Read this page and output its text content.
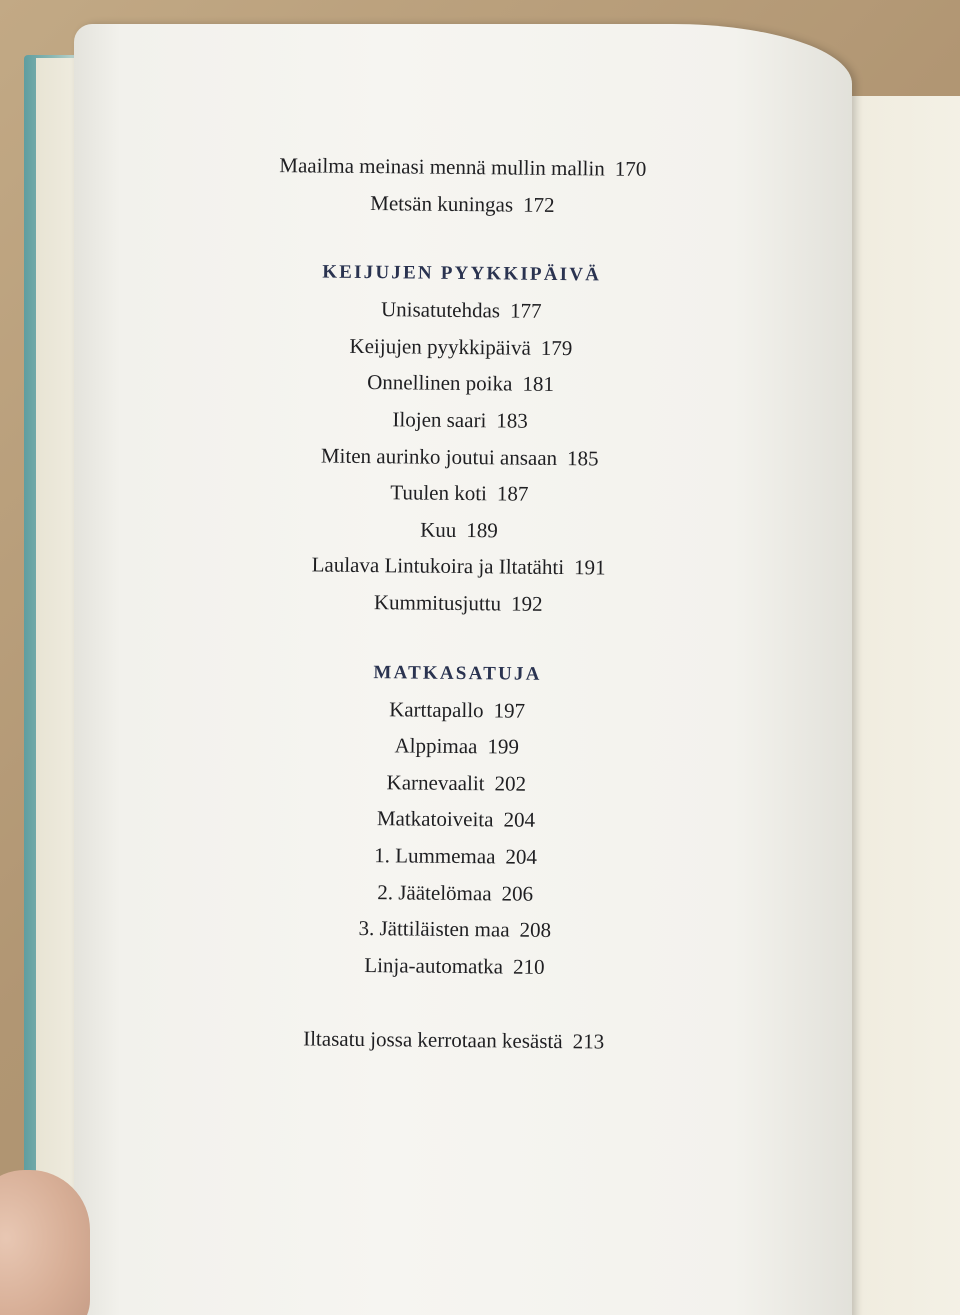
Maailma meinasi mennä mullin mallin 170
Metsän kuningas 172
KEIJUJEN PYYKKIPÄIVÄ
Unisatutehdas 177
Keijujen pyykkipäivä 179
Onnellinen poika 181
Ilojen saari 183
Miten aurinko joutui ansaan 185
Tuulen koti 187
Kuu 189
Laulava Lintukoira ja Iltatähti 191
Kummitusjuttu 192
MATKASATUJA
Karttapallo 197
Alppimaa 199
Karnevaalit 202
Matkatoiveita 204
1. Lummemaa 204
2. Jäätelömaa 206
3. Jättiläisten maa 208
Linja-automatka 210
Iltasatu jossa kerrotaan kesästä 213
